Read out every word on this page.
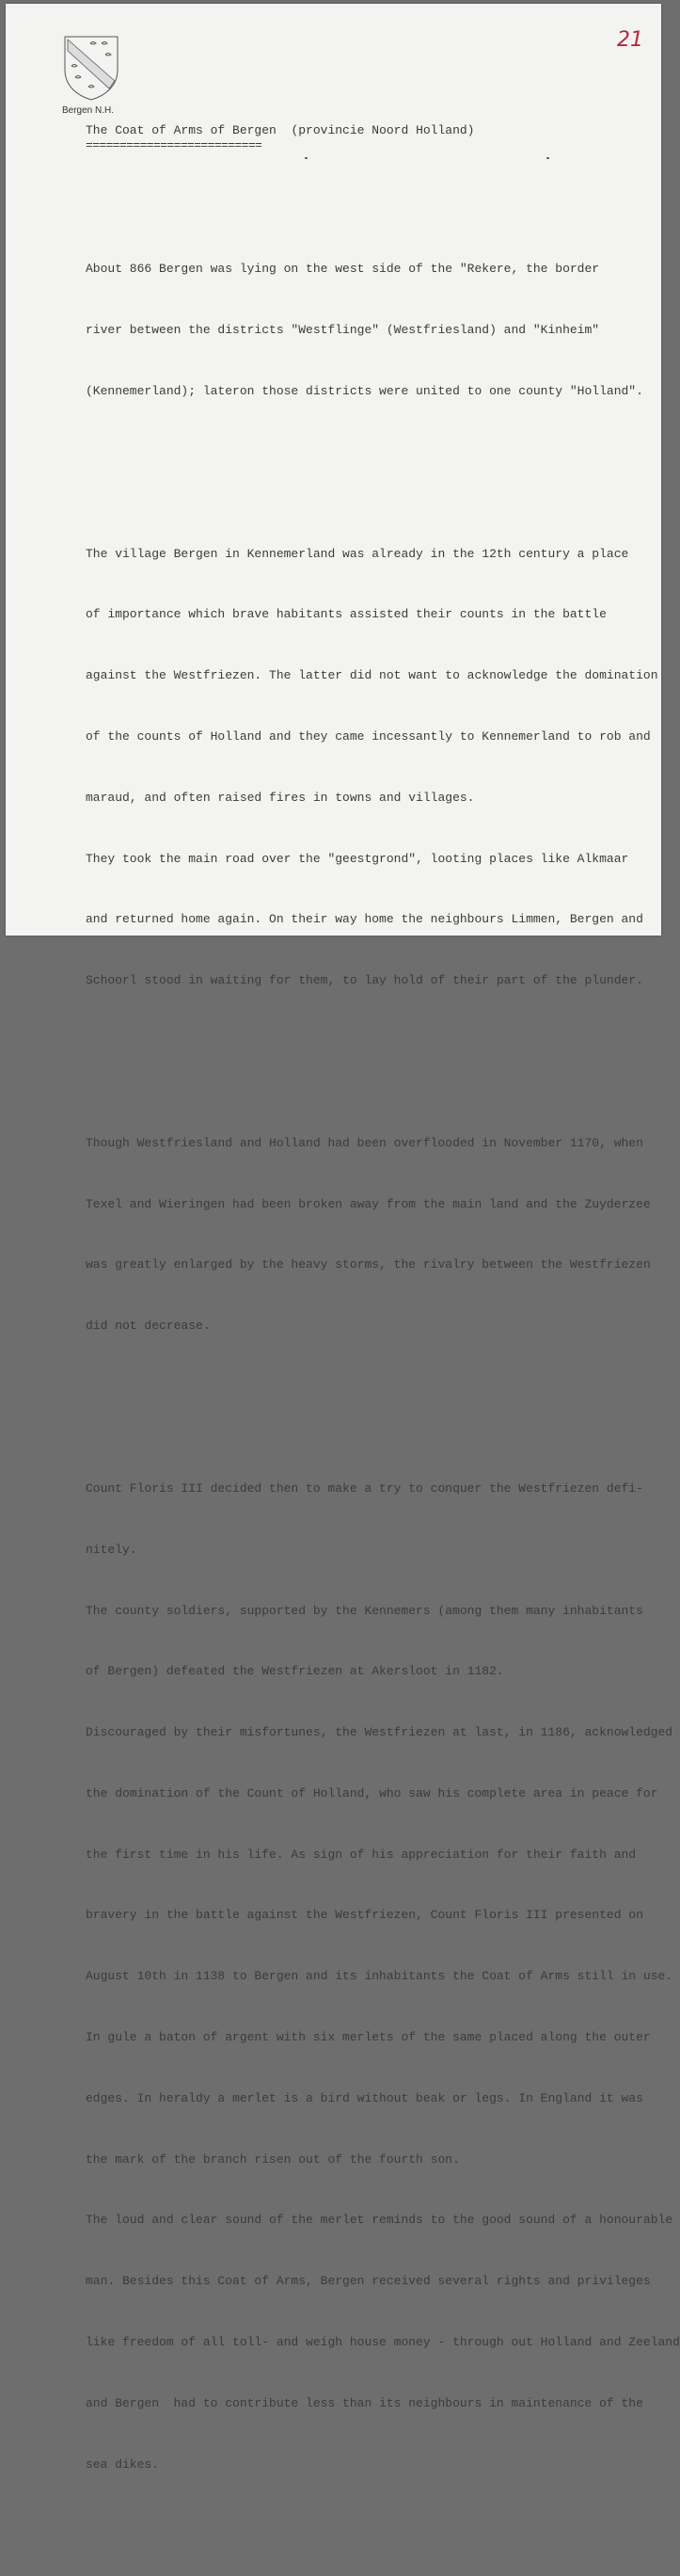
Bergen N.H.
21
The Coat of Arms of Bergen (provincie Noord Holland)
==========================

About 866 Bergen was lying on the west side of the "Rekere, the border

river between the districts "Westflinge" (Westfriesland) and "Kinheim"

(Kennemerland); lateron those districts were united to one county "Holland".

The village Bergen in Kennemerland was already in the 12th century a place

of importance which brave habitants assisted their counts in the battle

against the Westfriezen. The latter did not want to acknowledge the domination

of the counts of Holland and they came incessantly to Kennemerland to rob and

maraud, and often raised fires in towns and villages.

They took the main road over the "geestgrond", looting places like Alkmaar

and returned home again. On their way home the neighbours Limmen, Bergen and

Schoorl stood in waiting for them, to lay hold of their part of the plunder.

Though Westfriesland and Holland had been overflooded in November 1170, when

Texel and Wieringen had been broken away from the main land and the Zuyderzee

was greatly enlarged by the heavy storms, the rivalry between the Westfriezen

did not decrease.

Count Floris III decided then to make a try to conquer the Westfriezen defi-

nitely.

The county soldiers, supported by the Kennemers (among them many inhabitants

of Bergen) defeated the Westfriezen at Akersloot in 1182.

Discouraged by their misfortunes, the Westfriezen at last, in 1186, acknowledged

the domination of the Count of Holland, who saw his complete area in peace for

the first time in his life. As sign of his appreciation for their faith and

bravery in the battle against the Westfriezen, Count Floris III presented on

August 10th in 1138 to Bergen and its inhabitants the Coat of Arms still in use.

In gule a baton of argent with six merlets of the same placed along the outer

edges. In heraldy a merlet is a bird without beak or legs. In England it was

the mark of the branch risen out of the fourth son.

The loud and clear sound of the merlet reminds to the good sound of a honourable

man. Besides this Coat of Arms, Bergen received several rights and privileges

like freedom of all toll- and weigh house money - through out Holland and Zeeland

and Bergen  had to contribute less than its neighbours in maintenance of the

sea dikes.
